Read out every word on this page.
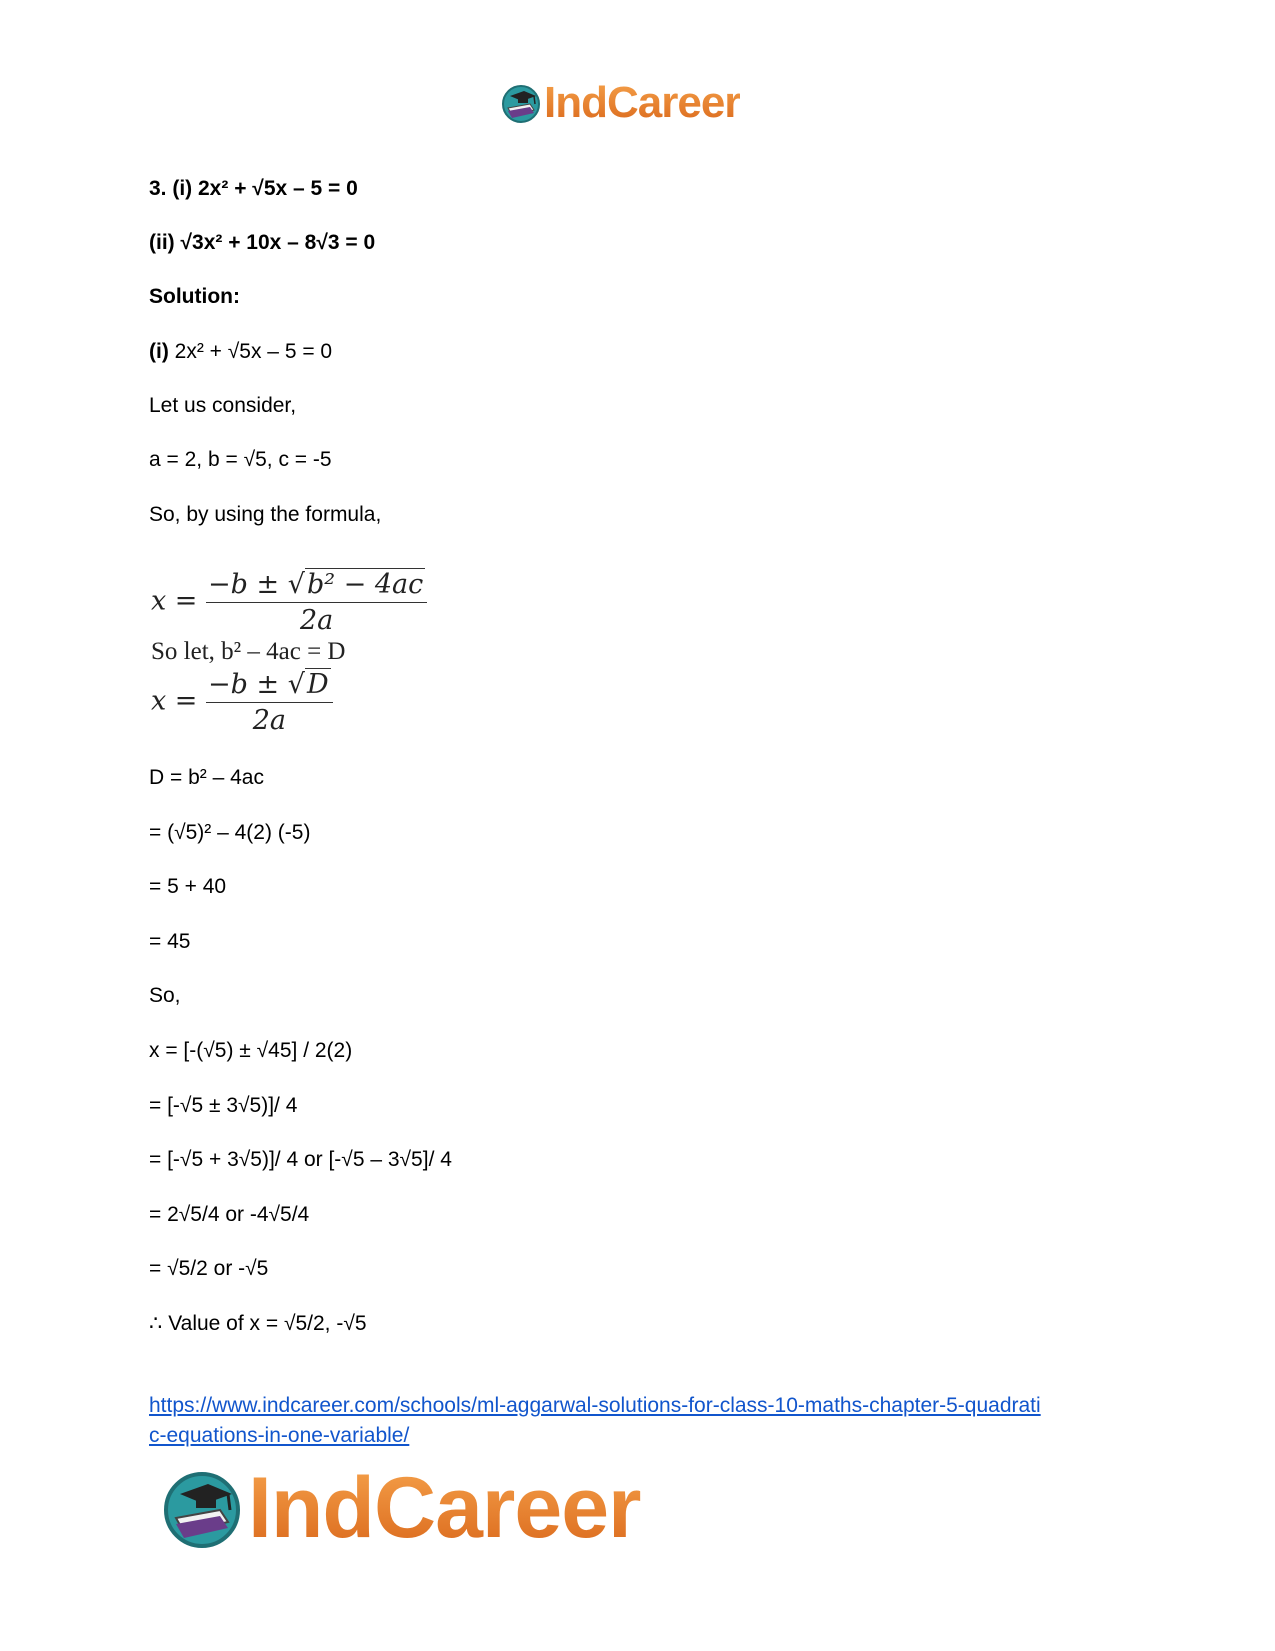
IndCareer
3. (i) 2x² + √5x – 5 = 0
(ii) √3x² + 10x – 8√3 = 0
Solution:
(i) 2x² + √5x – 5 = 0
Let us consider,
a = 2, b = √5, c = -5
So, by using the formula,
$x = \frac{\text{−b ± √ b² − 4ac}}{2a}$
So let, b² – 4ac = D
$x = \frac{-b \pm √ D}{2a}$
D = b² – 4ac
= (√5)² – 4(2) (-5)
= 5 + 40
= 45
So,
x = [-(√5) ± √45] / 2(2)
= [-√5 ± 3√5)]/ 4
= [-√5 + 3√5)]/ 4 or [-√5 – 3√5]/ 4
= 2√5/4 or -4√5/4
= √5/2 or -√5
∴ Value of x = √5/2, -√5
https://www.indcareer.com/schools/ml-aggarwal-solutions-for-class-10-maths-chapter-5-quadrati
c-equations-in-one-variable/
IndCareer
